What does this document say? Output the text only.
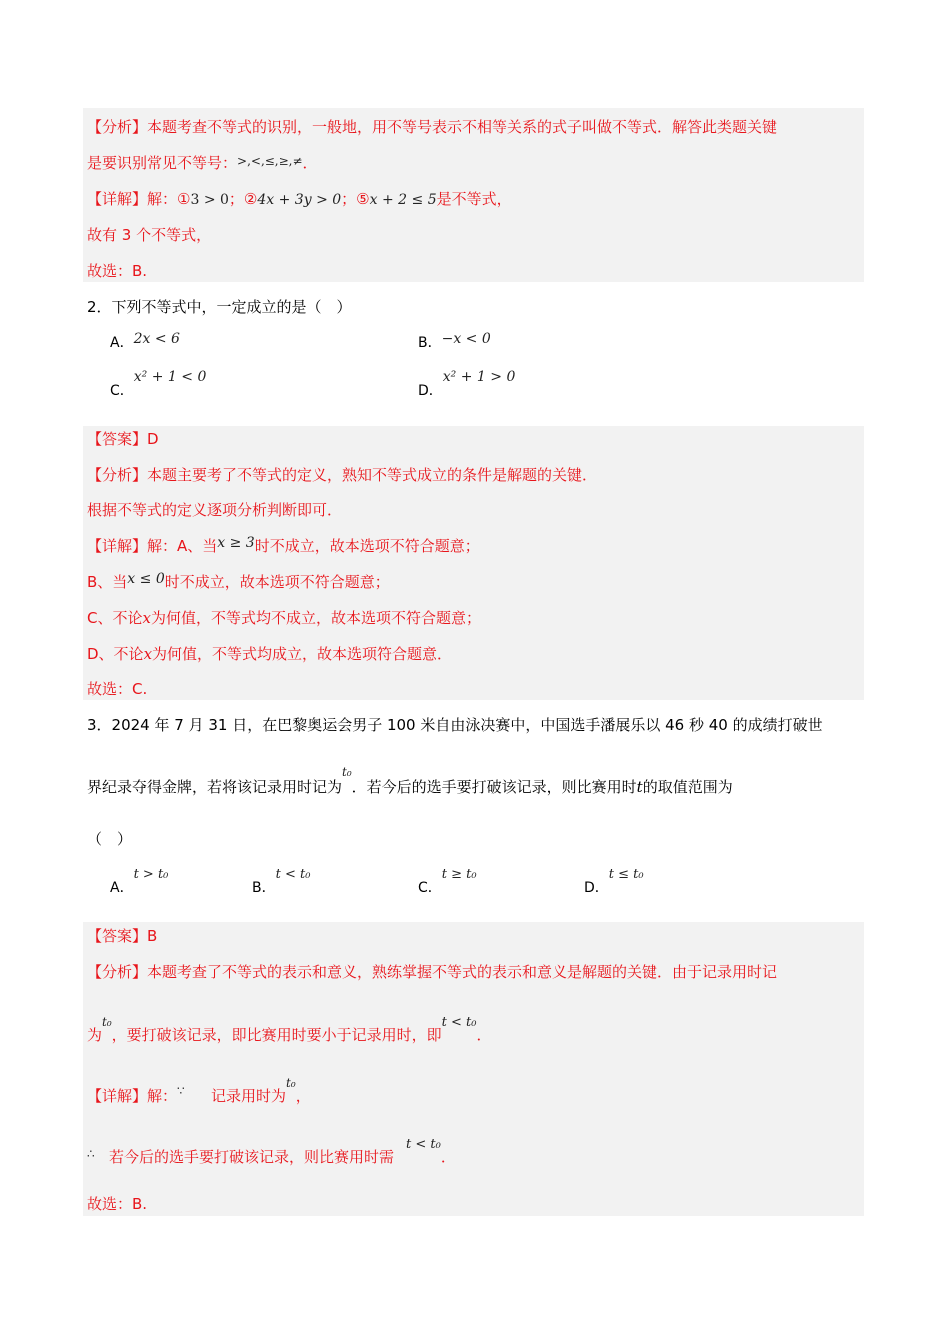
【分析】本题考查不等式的识别，一般地，用不等号表示不相等关系的式子叫做不等式．解答此类题关键
是要识别常见不等号：>,<,≤,≥,≠．
【详解】解：①3 > 0；②4x + 3y > 0；⑤x + 2 ≤ 5是不等式，
故有 3 个不等式，
故选：B.
2．下列不等式中，一定成立的是（　）
A．2x < 6	B．−x < 0
C．x² + 1 < 0
D．x² + 1 > 0
【答案】D
【分析】本题主要考了不等式的定义，熟知不等式成立的条件是解题的关键．
根据不等式的定义逐项分析判断即可．
【详解】解：A、当x ≥ 3时不成立，故本选项不符合题意；
B、当x ≤ 0时不成立，故本选项不符合题意；
C、不论x为何值，不等式均不成立，故本选项不符合题意；
D、不论x为何值，不等式均成立，故本选项符合题意．
故选：C.
3．2024 年 7 月 31 日，在巴黎奥运会男子 100 米自由泳决赛中，中国选手潘展乐以 46 秒 40 的成绩打破世
界纪录夺得金牌，若将该记录用时记为$^{t_0}$．若今后的选手要打破该记录，则比赛用时t的取值范围为
（　）
A．t > t₀
B．t < t₀
C．t ≥ t₀
D．t ≤ t₀
【答案】B
【分析】本题考查了不等式的表示和意义，熟练掌握不等式的表示和意义是解题的关键．由于记录用时记
为$^{t_0}$，要打破该记录，即比赛用时要小于记录用时，即t < t₀．
【详解】解：∵ 记录用时为$^{t_0}$，
∴ 若今后的选手要打破该记录，则比赛用时需t < t₀．
故选：B.
